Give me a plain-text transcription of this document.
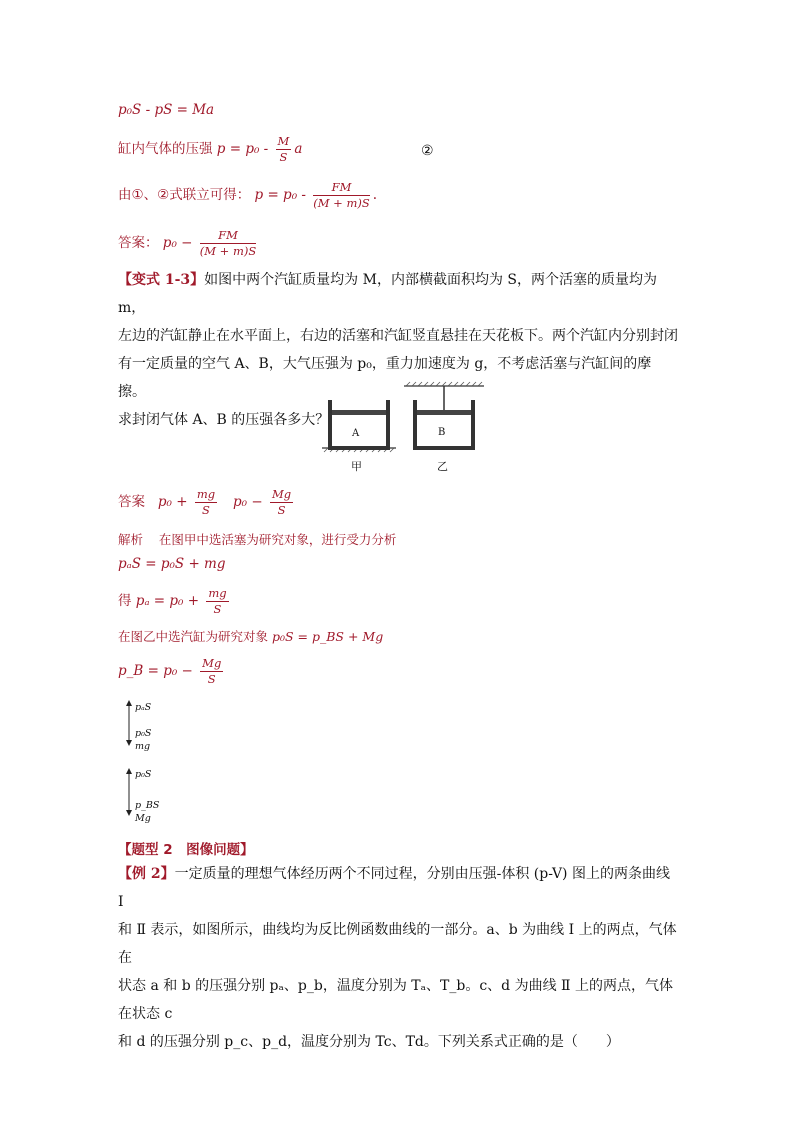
p₀S - pS = Ma
缸内气体的压强 $p = p_0 - \frac{M}{S}$ a	②
由①、②式联立可得： $p = p_0 - \frac{FM}{(M + m)S}$ .
答案： $p_0 - \frac{FM}{(M + m)S}$
【变式 1-3】如图中两个汽缸质量均为 M，内部横截面积均为 S，两个活塞的质量均为 m，
左边的汽缸静止在水平面上，右边的活塞和汽缸竖直悬挂在天花板下。两个汽缸内分别封闭
有一定质量的空气 A、B，大气压强为 p₀，重力加速度为 g，不考虑活塞与汽缸间的摩擦。
求封闭气体 A、B 的压强各多大？
A	B
甲	乙
答案 $p_0 + \frac{mg}{S} p_0 - \frac{Mg}{S}$
解析 在图甲中选活塞为研究对象，进行受力分析
pₐS = p₀S + mg
得 $p_a = p_0 + \frac{mg}{S}$
在图乙中选汽缸为研究对象 p₀S = p_BS + Mg
p_B = $p_0 - \frac{Mg}{S}$
pₐS
p₀S
mg
p₀S
p_BS
Mg
【题型 2　图像问题】
【例 2】一定质量的理想气体经历两个不同过程，分别由压强-体积 (p-V) 图上的两条曲线 Ⅰ
和 Ⅱ 表示，如图所示，曲线均为反比例函数曲线的一部分。a、b 为曲线 Ⅰ 上的两点，气体在
状态 a 和 b 的压强分别 pₐ、p_b，温度分别为 Tₐ、T_b。c、d 为曲线 Ⅱ 上的两点，气体在状态 c
和 d 的压强分别 p_c、p_d，温度分别为 Tc、Td。下列关系式正确的是（　　）
